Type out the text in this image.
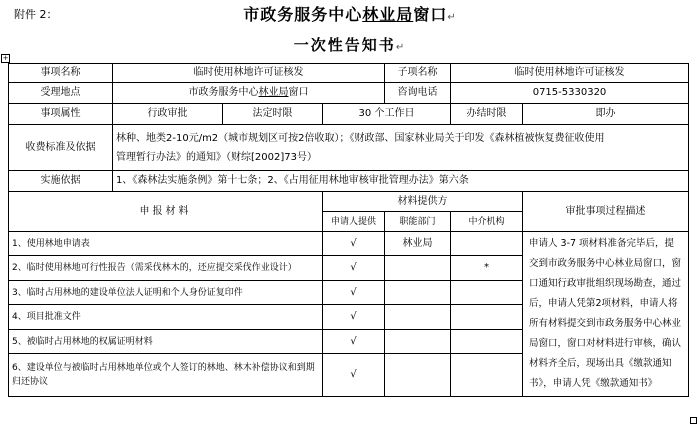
附件 2：	市政务服务中心林业局窗口↵
一次性告知书↵
+
事项名称	临时使用林地许可证核发			子项名称	临时使用林地许可证核发	
受理地点	市政务服务中心林业局窗口			咨询电话	0715-5330320	
事项属性	行政审批	法定时限	30 个工作日		办结时限	即办
收费标准及依据	林种、地类2-10元/m2（城市规划区可按2倍收取）；《财政部、国家林业局关于印发《森林植被恢复费征收使用
管理暂行办法》的通知》（财综[2002]73号）					

实施依据	1、《森林法实施条例》第十七条；2、《占用征用林地审核审批管理办法》第六条					
申报材料			材料提供方			审批事项过程描述
			申请人提供	职能部门	中介机构	
1、使用林地申请表			√	林业局		申请人 3-7 项材料准备完毕后，提交到市政务服务中心林业局窗口，窗口通知行政审批组织现场勘查，通过后，申请人凭第2项材料，申请人将所有材料提交到市政务服务中心林业局窗口，窗口对材料进行审核，确认材料齐全后，现场出具《缴款通知书》，申请人凭《缴款通知书》
2、临时使用林地可行性报告（需采伐林木的，还应提交采伐作业设计）			√		*	
3、临时占用林地的建设单位法人证明和个人身份证复印件			√			
4、项目批准文件			√			
5、被临时占用林地的权属证明材料			√			
6、建设单位与被临时占用林地单位或个人签订的林地、林木补偿协议和到期归还协议			√			
